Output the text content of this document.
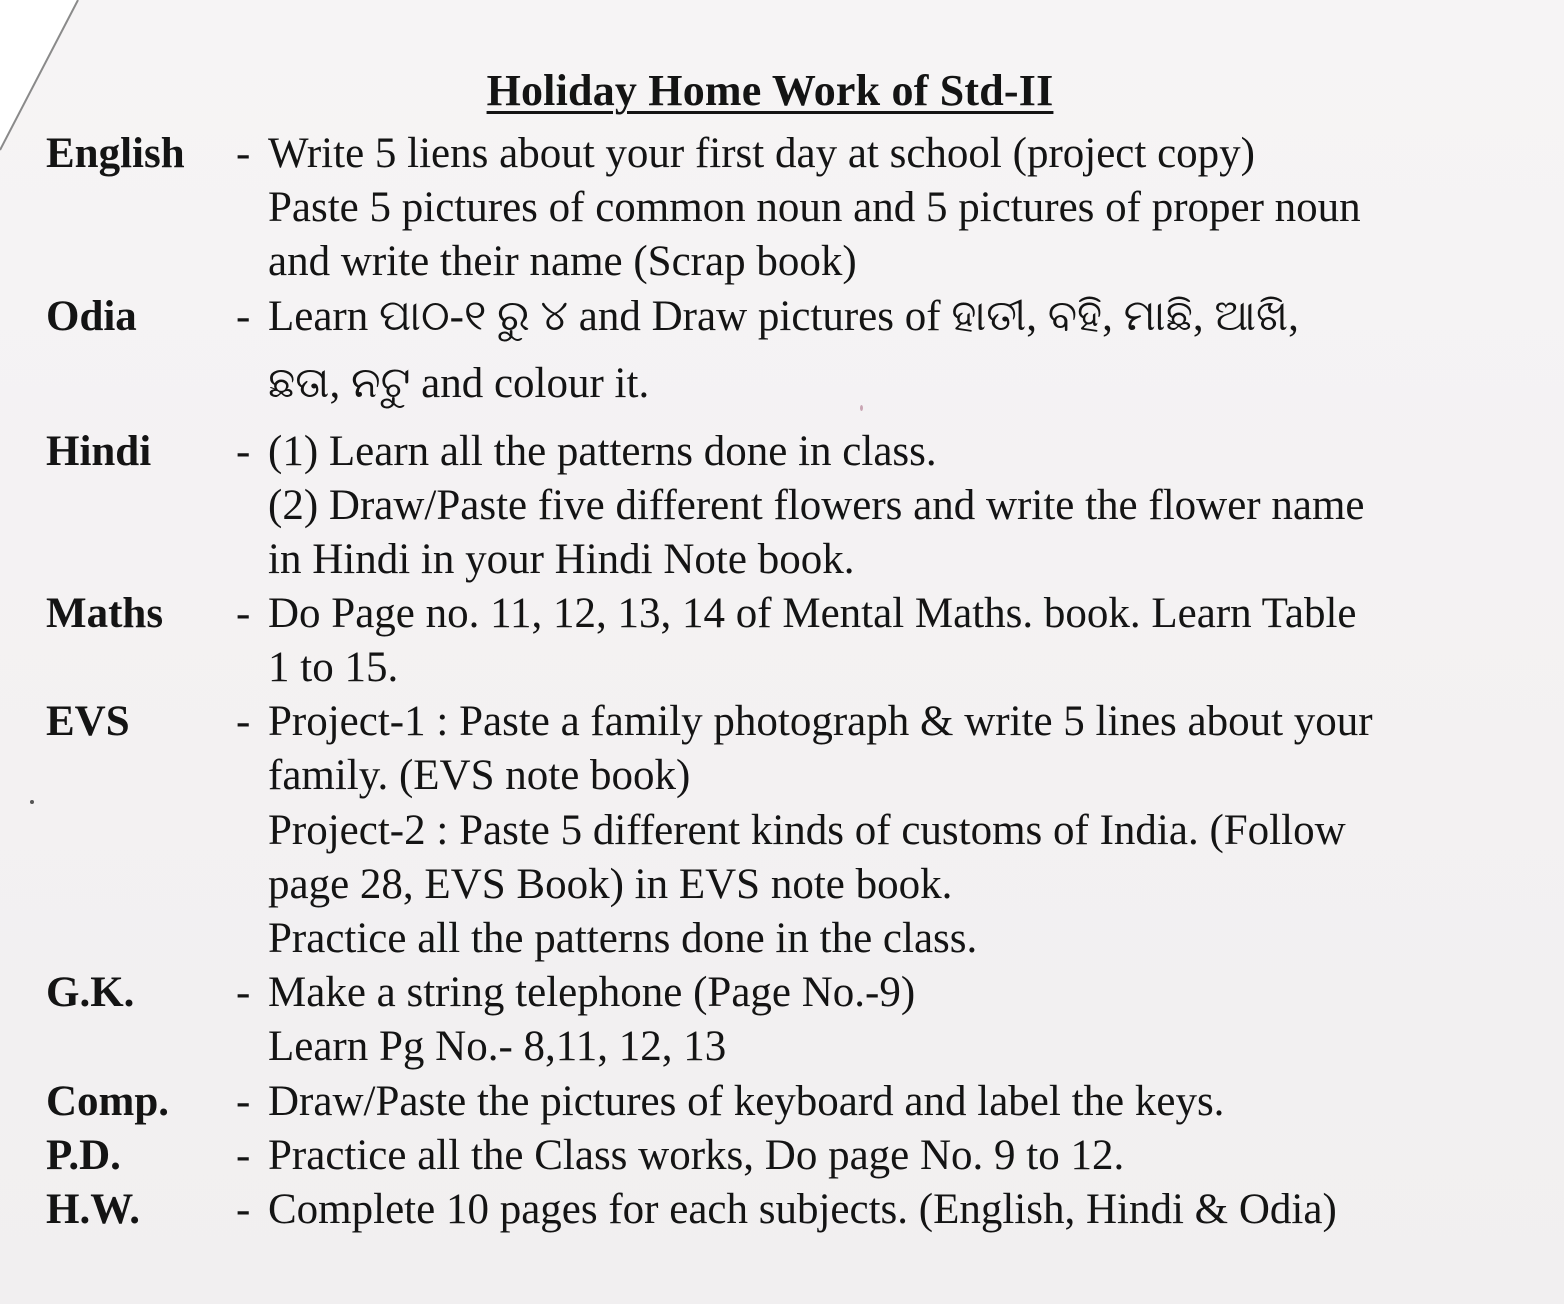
Holiday Home Work of Std-II
English - Write 5 liens about your first day at school (project copy)
Paste 5 pictures of common noun and 5 pictures of proper noun
and write their name (Scrap book)
Odia - Learn ପାଠ-୧ ରୁ ୪ and Draw pictures of ହାତୀ, ବହି, ମାଛି, ଆଖି,
ଛତା, ନଟୁ and colour it.
Hindi - (1) Learn all the patterns done in class.
(2) Draw/Paste five different flowers and write the flower name
in Hindi in your Hindi Note book.
Maths - Do Page no. 11, 12, 13, 14 of Mental Maths. book. Learn Table
1 to 15.
EVS - Project-1 : Paste a family photograph & write 5 lines about your
family. (EVS note book)
Project-2 : Paste 5 different kinds of customs of India. (Follow
page 28, EVS Book) in EVS note book.
Practice all the patterns done in the class.
G.K. - Make a string telephone (Page No.-9)
Learn Pg No.- 8,11, 12, 13
Comp. - Draw/Paste the pictures of keyboard and label the keys.
P.D.	- Practice all the Class works, Do page No. 9 to 12.
H.W. - Complete 10 pages for each subjects. (English, Hindi & Odia)
